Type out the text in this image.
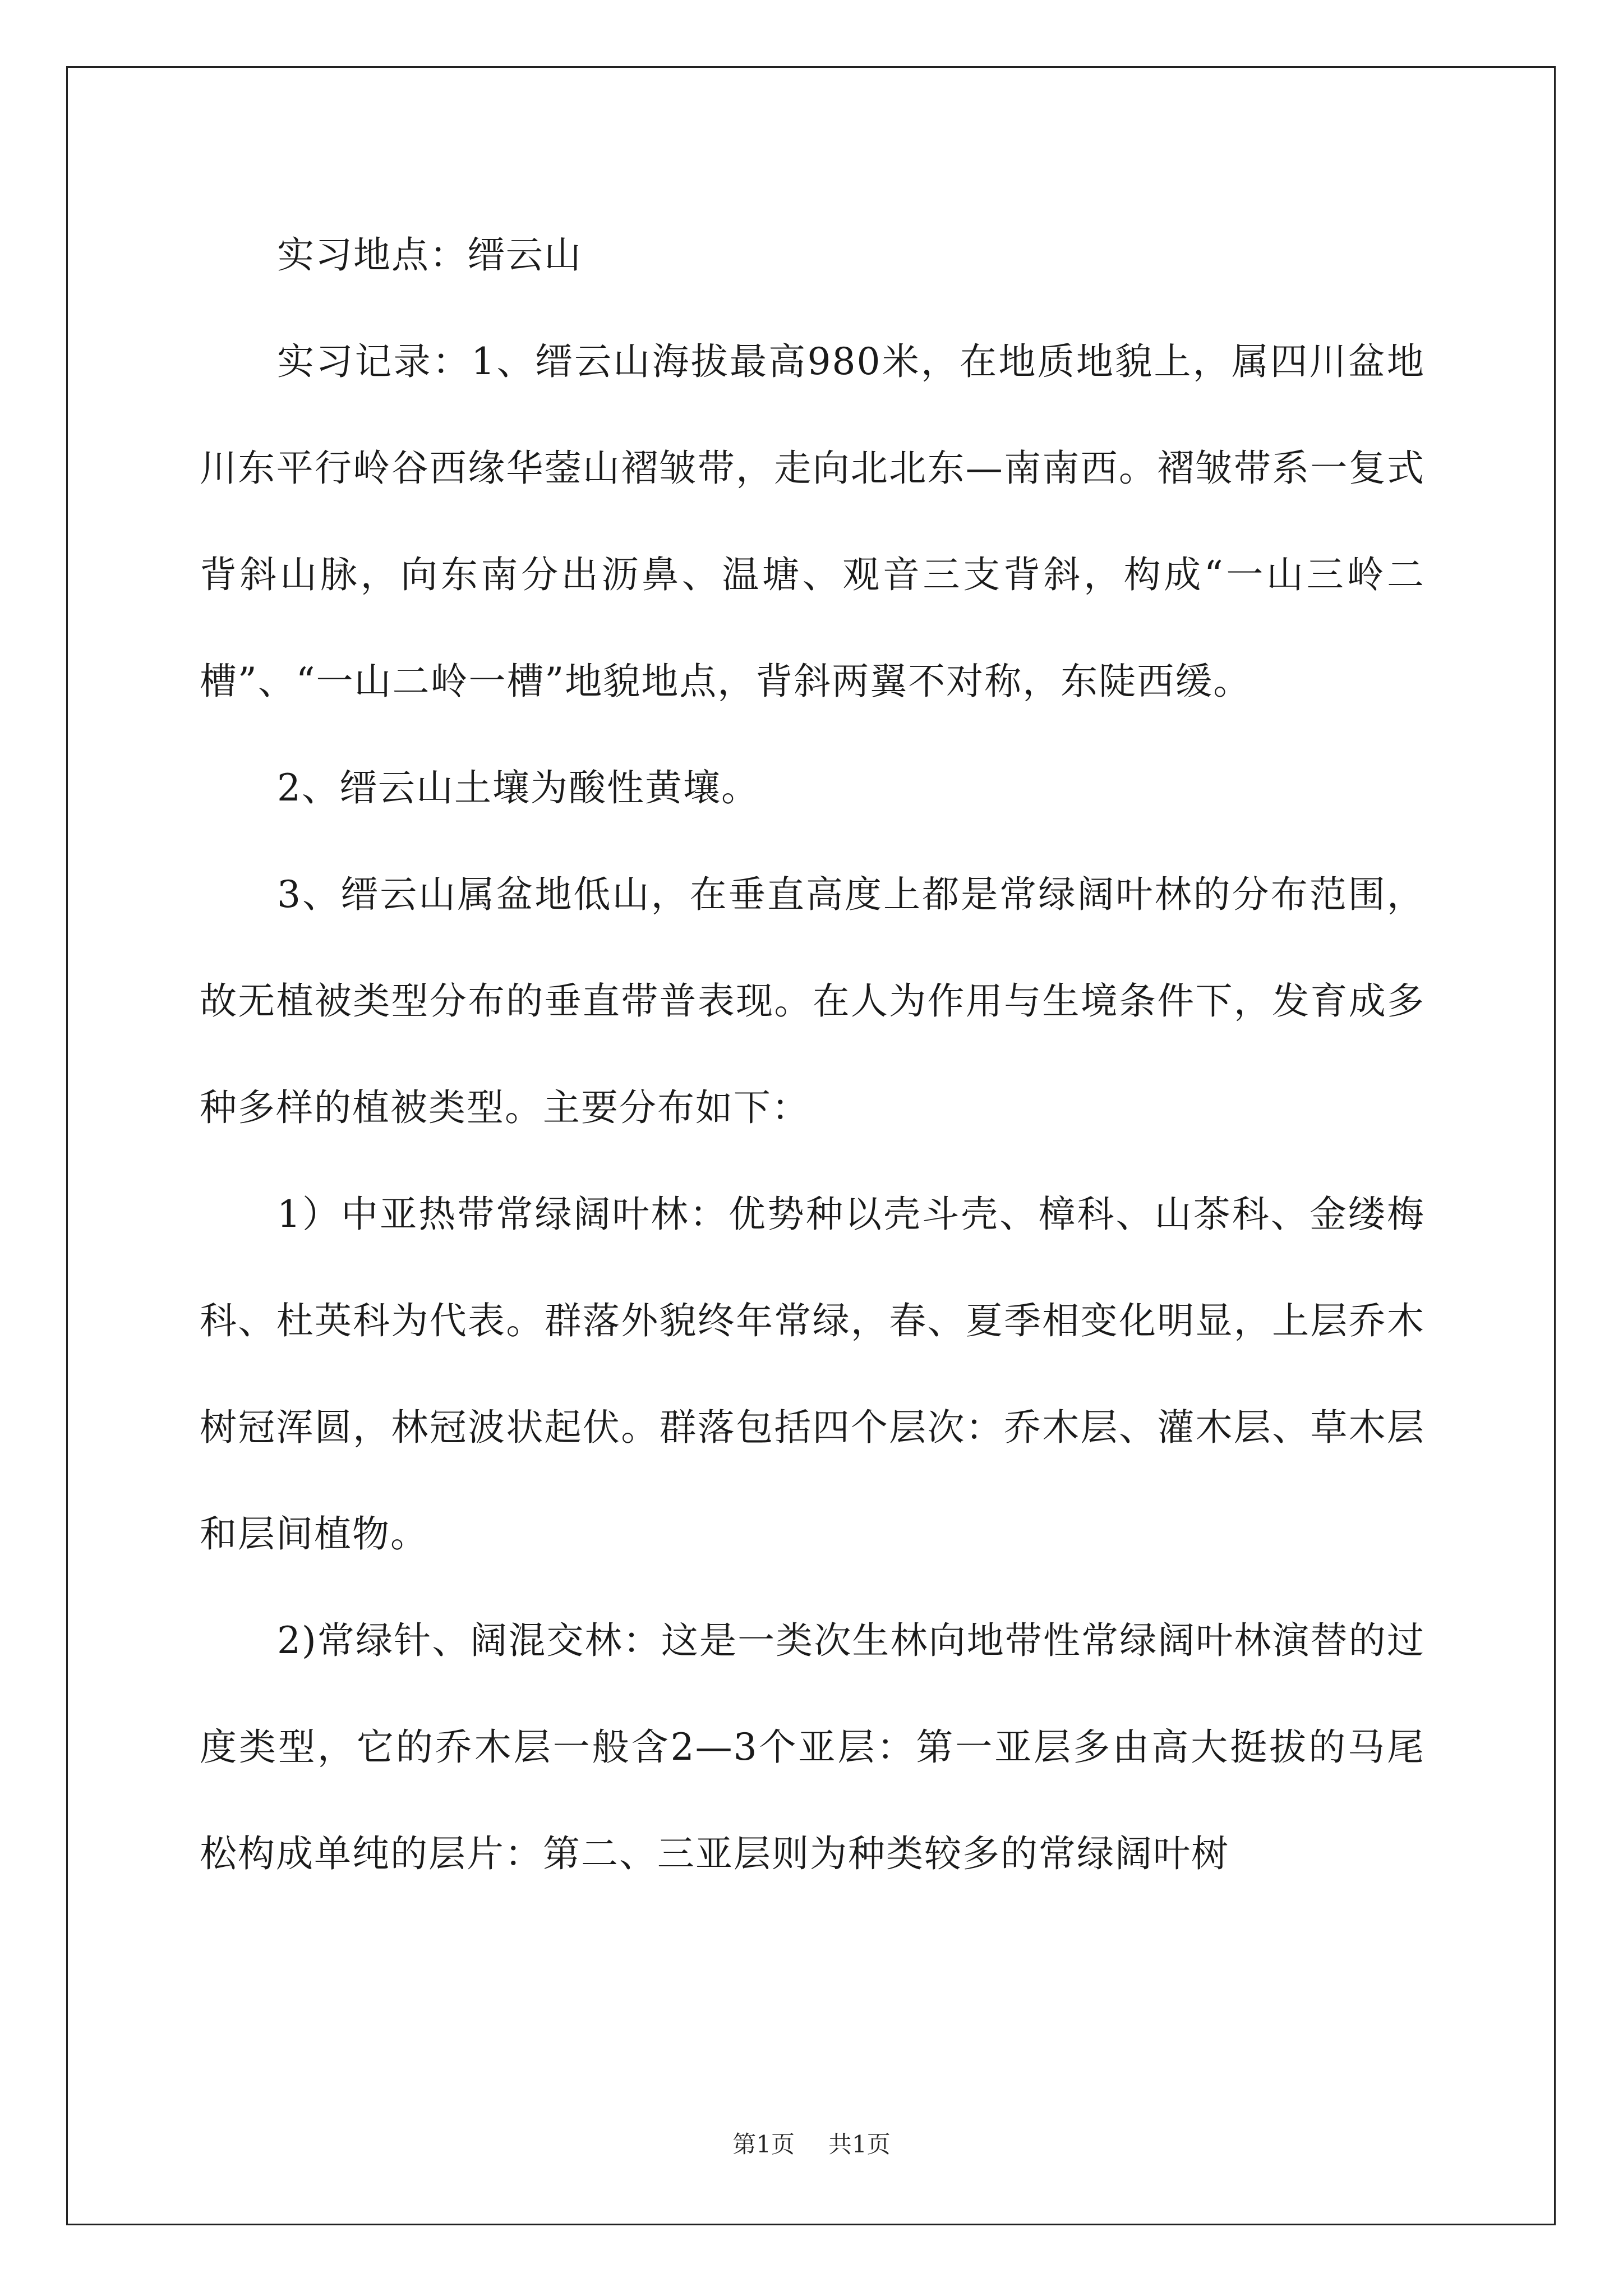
实习地点：缙云山

实习记录：1、缙云山海拔最高980米，在地质地貌上，属四川盆地川东平行岭谷西缘华蓥山褶皱带，走向北北东—南南西。褶皱带系一复式背斜山脉，向东南分出沥鼻、温塘、观音三支背斜，构成“一山三岭二槽”、“一山二岭一槽”地貌地点，背斜两翼不对称，东陡西缓。

2、缙云山土壤为酸性黄壤。

3、缙云山属盆地低山，在垂直高度上都是常绿阔叶林的分布范围，故无植被类型分布的垂直带普表现。在人为作用与生境条件下，发育成多种多样的植被类型。主要分布如下：

1）中亚热带常绿阔叶林：优势种以壳斗壳、樟科、山茶科、金缕梅科、杜英科为代表。群落外貌终年常绿，春、夏季相变化明显，上层乔木树冠浑圆，林冠波状起伏。群落包括四个层次：乔木层、灌木层、草木层和层间植物。

2)常绿针、阔混交林：这是一类次生林向地带性常绿阔叶林演替的过度类型，它的乔木层一般含2—3个亚层：第一亚层多由高大挺拔的马尾松构成单纯的层片：第二、三亚层则为种类较多的常绿阔叶树

第1页 共1页
